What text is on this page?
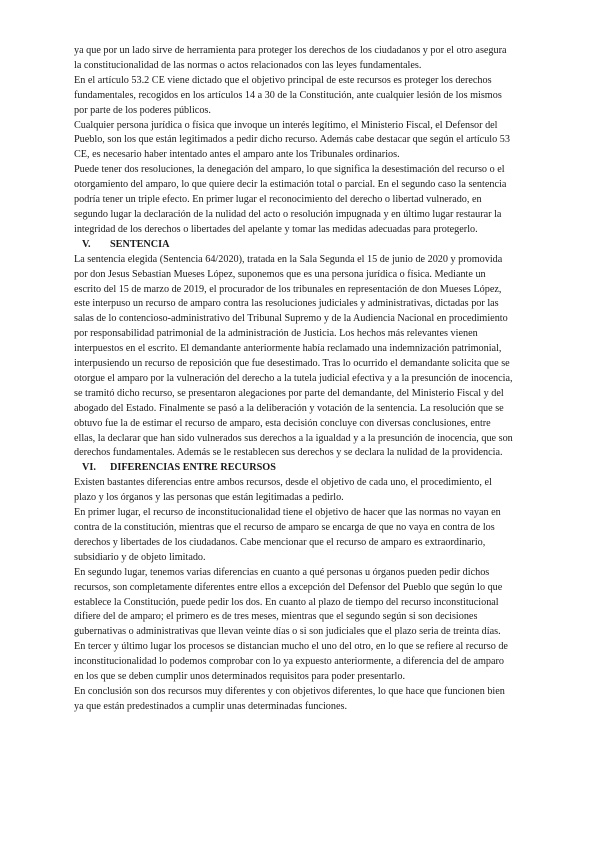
ya que por un lado sirve de herramienta para proteger los derechos de los ciudadanos y por el otro asegura la constitucionalidad de las normas o actos relacionados con las leyes fundamentales.

En el artículo 53.2 CE viene dictado que el objetivo principal de este recursos es proteger los derechos fundamentales, recogidos en los artículos 14 a 30 de la Constitución, ante cualquier lesión de los mismos por parte de los poderes públicos.

Cualquier persona jurídica o física que invoque un interés legítimo, el Ministerio Fiscal, el Defensor del Pueblo, son los que están legitimados a pedir dicho recurso. Además cabe destacar que según el artículo 53 CE, es necesario haber intentado antes el amparo ante los Tribunales ordinarios.

Puede tener dos resoluciones, la denegación del amparo, lo que significa la desestimación del recurso o el otorgamiento del amparo, lo que quiere decir la estimación total o parcial. En el segundo caso la sentencia podría tener un triple efecto. En primer lugar el reconocimiento del derecho o libertad vulnerado, en segundo lugar la declaración de la nulidad del acto o resolución impugnada y en último lugar restaurar la integridad de los derechos o libertades del apelante y tomar las medidas adecuadas para protegerlo.

V.	SENTENCIA

La sentencia elegida (Sentencia 64/2020), tratada en la Sala Segunda el 15 de junio de 2020 y promovida por don Jesus Sebastian Mueses López, suponemos que es una persona jurídica o física. Mediante un escrito del 15 de marzo de 2019, el procurador de los tribunales en representación de don Mueses López, este interpuso un recurso de amparo contra las resoluciones judiciales y administrativas, dictadas por las salas de lo contencioso-administrativo del Tribunal Supremo y de la Audiencia Nacional en procedimiento por responsabilidad patrimonial de la administración de Justicia. Los hechos más relevantes vienen interpuestos en el escrito. El demandante anteriormente había reclamado una indemnización patrimonial, interpusiendo un recurso de reposición que fue desestimado. Tras lo ocurrido el demandante solicita que se otorgue el amparo por la vulneración del derecho a la tutela judicial efectiva y a la presunción de inocencia, se tramitó dicho recurso, se presentaron alegaciones por parte del demandante, del Ministerio Fiscal y del abogado del Estado. Finalmente se pasó a la deliberación y votación de la sentencia. La resolución que se obtuvo fue la de estimar el recurso de amparo, esta decisión concluye con diversas conclusiones, entre ellas, la declarar que han sido vulnerados sus derechos a la igualdad y a la presunción de inocencia, que son derechos fundamentales. Además se le restablecen sus derechos y se declara la nulidad de la providencia.

VI.	DIFERENCIAS ENTRE RECURSOS

Existen bastantes diferencias entre ambos recursos, desde el objetivo de cada uno, el procedimiento, el plazo y los órganos y las personas que están legitimadas a pedirlo.

En primer lugar, el recurso de inconstitucionalidad tiene el objetivo de hacer que las normas no vayan en contra de la constitución, mientras que el recurso de amparo se encarga de que no vaya en contra de los derechos y libertades de los ciudadanos. Cabe mencionar que el recurso de amparo es extraordinario, subsidiario y de objeto limitado.

En segundo lugar, tenemos varias diferencias en cuanto a qué personas u órganos pueden pedir dichos recursos, son completamente diferentes entre ellos a excepción del Defensor del Pueblo que según lo que establece la Constitución, puede pedir los dos. En cuanto al plazo de tiempo del recurso inconstitucional difiere del de amparo; el primero es de tres meses, mientras que el segundo según si son decisiones gubernativas o administrativas que llevan veinte días o si son judiciales que el plazo seria de treinta días.

En tercer y último lugar los procesos se distancian mucho el uno del otro, en lo que se refiere al recurso de inconstitucionalidad lo podemos comprobar con lo ya expuesto anteriormente, a diferencia del de amparo en los que se deben cumplir unos determinados requisitos para poder presentarlo.

En conclusión son dos recursos muy diferentes y con objetivos diferentes, lo que hace que funcionen bien ya que están predestinados a cumplir unas determinadas funciones.
